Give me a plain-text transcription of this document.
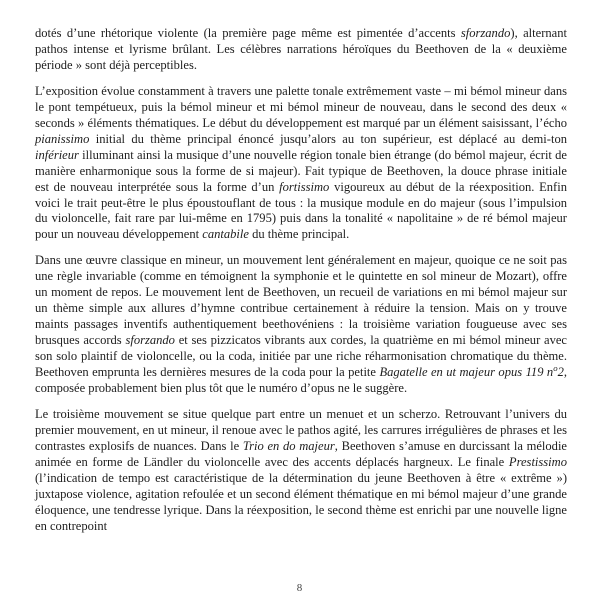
dotés d’une rhétorique violente (la première page même est pimentée d’accents sforzando), alternant pathos intense et lyrisme brûlant. Les célèbres narrations héroïques du Beethoven de la « deuxième période » sont déjà perceptibles.

L’exposition évolue constamment à travers une palette tonale extrêmement vaste – mi bémol mineur dans le pont tempétueux, puis la bémol mineur et mi bémol mineur de nouveau, dans le second des deux « seconds » éléments thématiques. Le début du développement est marqué par un élément saisissant, l’écho pianissimo initial du thème principal énoncé jusqu’alors au ton supérieur, est déplacé au demi-ton inférieur illuminant ainsi la musique d’une nouvelle région tonale bien étrange (do bémol majeur, écrit de manière enharmonique sous la forme de si majeur). Fait typique de Beethoven, la douce phrase initiale est de nouveau interprétée sous la forme d’un fortissimo vigoureux au début de la réexposition. Enfin voici le trait peut-être le plus époustouflant de tous : la musique module en do majeur (sous l’impulsion du violoncelle, fait rare par lui-même en 1795) puis dans la tonalité « napolitaine » de ré bémol majeur pour un nouveau développement cantabile du thème principal.

Dans une œuvre classique en mineur, un mouvement lent généralement en majeur, quoique ce ne soit pas une règle invariable (comme en témoignent la symphonie et le quintette en sol mineur de Mozart), offre un moment de repos. Le mouvement lent de Beethoven, un recueil de variations en mi bémol majeur sur un thème simple aux allures d’hymne contribue certainement à réduire la tension. Mais on y trouve maints passages inventifs authentiquement beethovéniens : la troisième variation fougueuse avec ses brusques accords sforzando et ses pizzicatos vibrants aux cordes, la quatrième en mi bémol mineur avec son solo plaintif de violoncelle, ou la coda, initiée par une riche réharmonisation chromatique du thème. Beethoven emprunta les dernières mesures de la coda pour la petite Bagatelle en ut majeur opus 119 $n^o2$, composée probablement bien plus tôt que le numéro d’opus ne le suggère.

Le troisième mouvement se situe quelque part entre un menuet et un scherzo. Retrouvant l’univers du premier mouvement, en ut mineur, il renoue avec le pathos agité, les carrures irrégulières de phrases et les contrastes explosifs de nuances. Dans le Trio en do majeur, Beethoven s’amuse en durcissant la mélodie animée en forme de Ländler du violoncelle avec des accents déplacés hargneux. Le finale Prestissimo (l’indication de tempo est caractéristique de la détermination du jeune Beethoven à être « extrême ») juxtapose violence, agitation refoulée et un second élément thématique en mi bémol majeur d’une grande éloquence, une tendresse lyrique. Dans la réexposition, le second thème est enrichi par une nouvelle ligne en contrepoint

8
